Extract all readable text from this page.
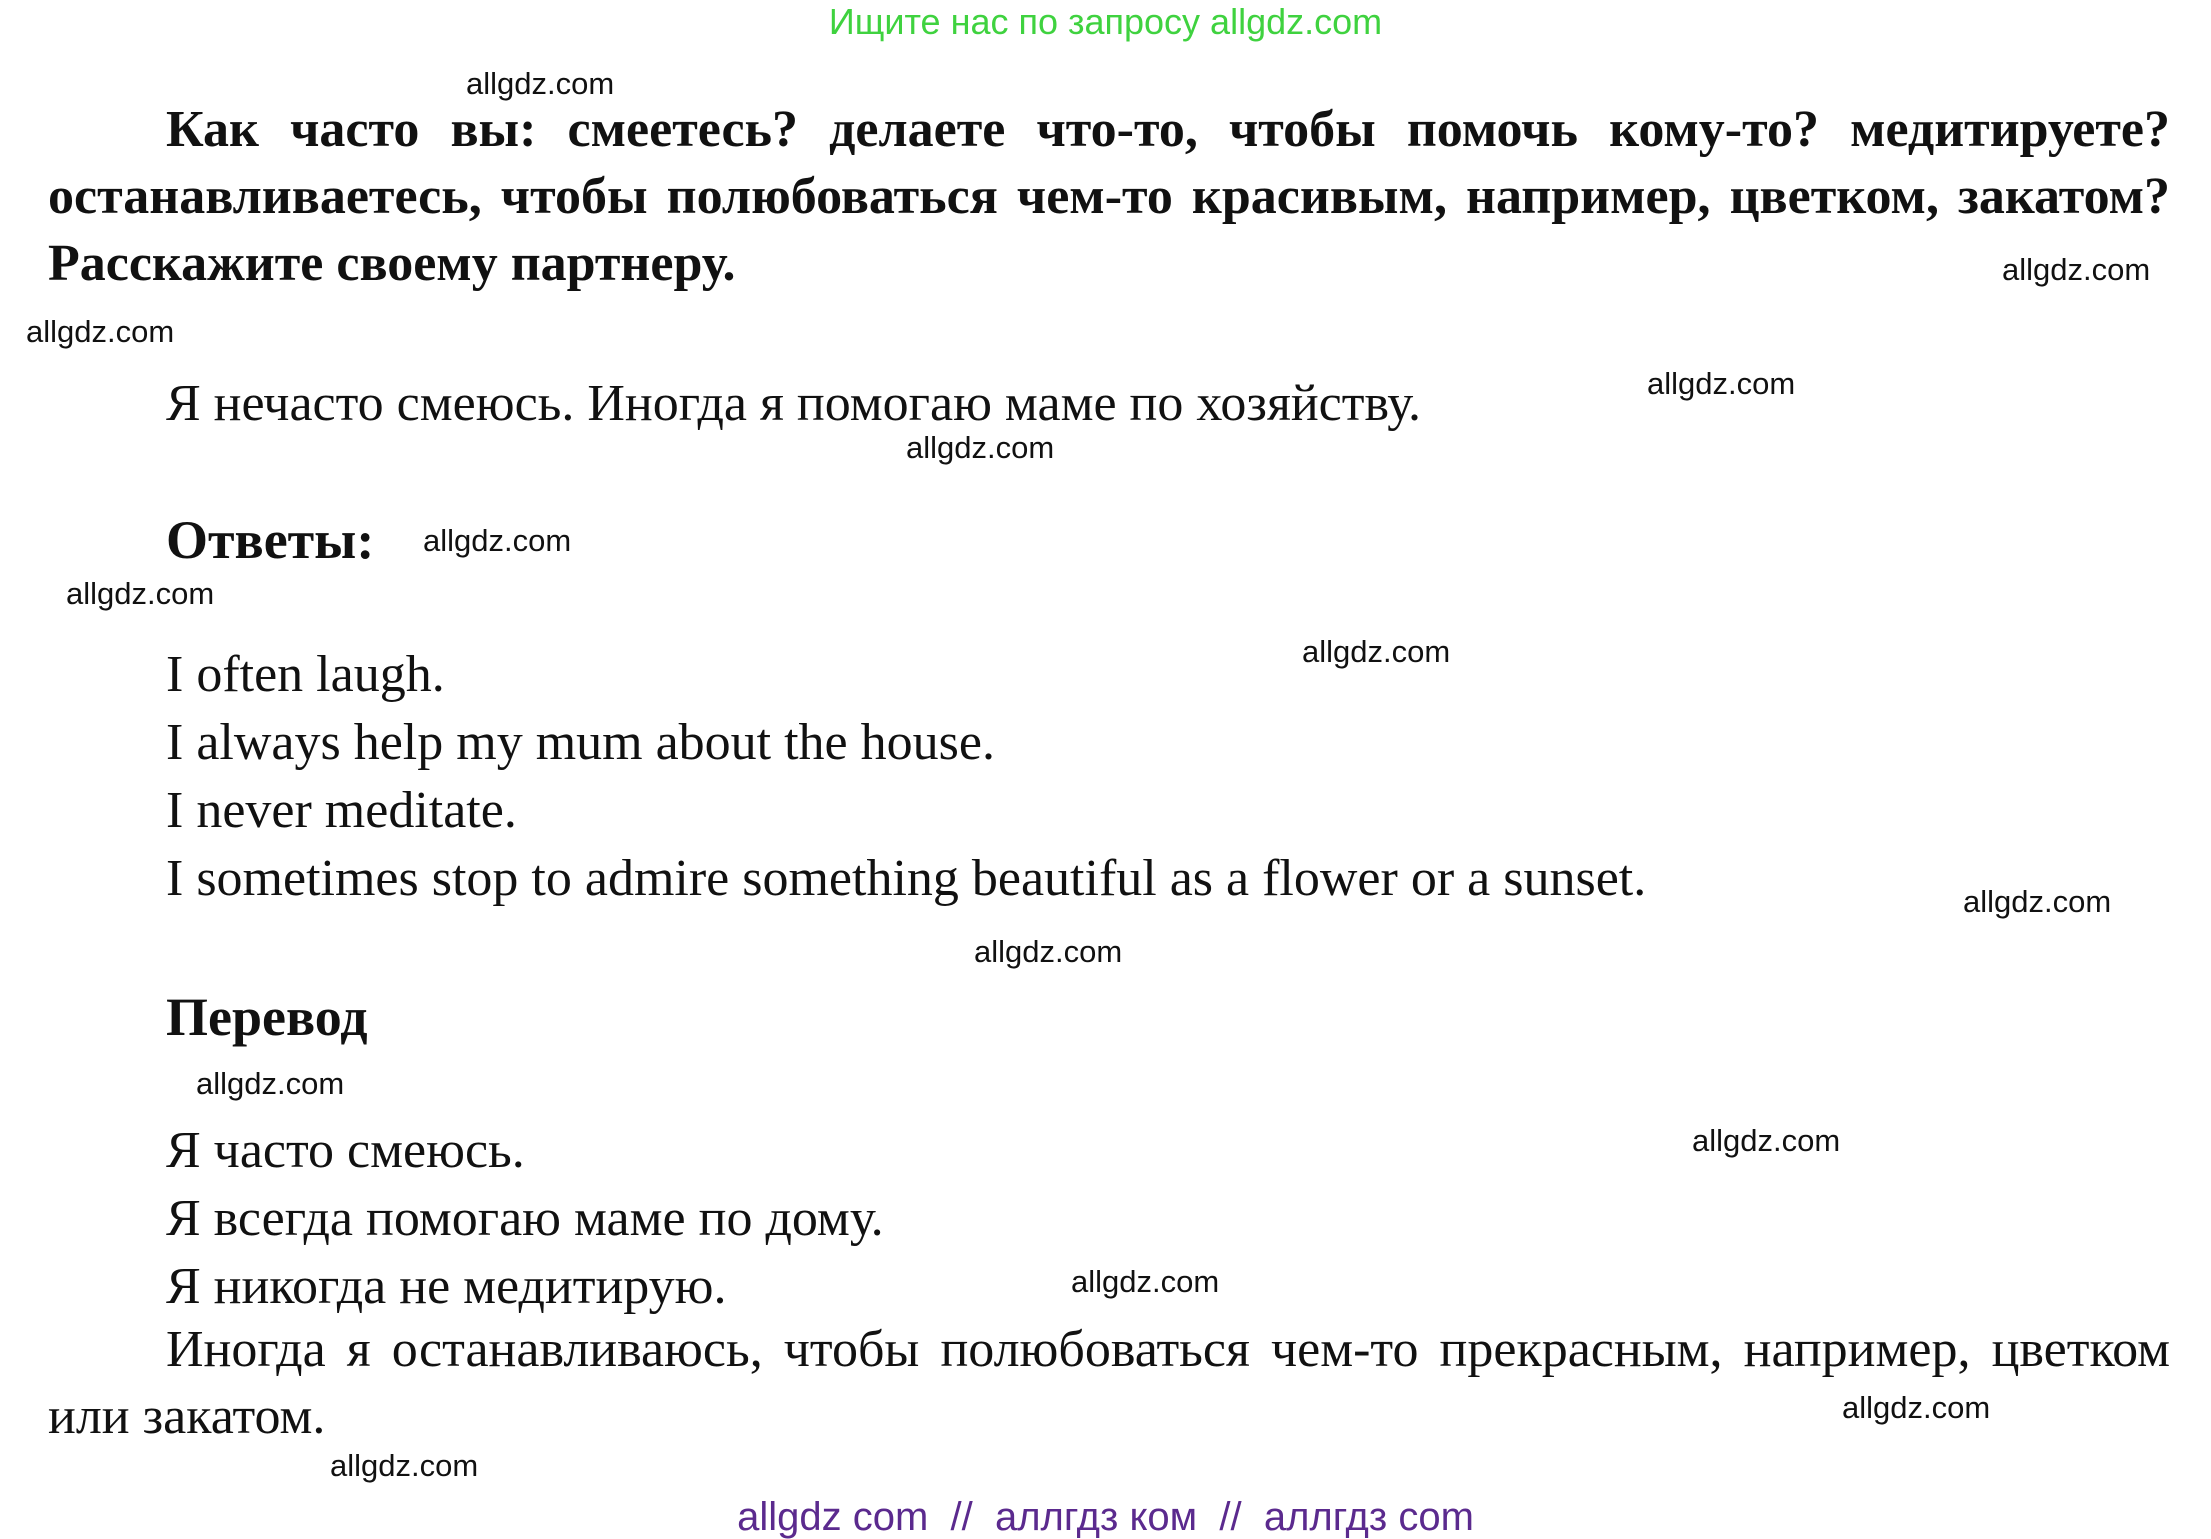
Ищите нас по запросу allgdz.com
Как часто вы: смеетесь? делаете что-то, чтобы помочь кому-то? медитируете? останавливаетесь, чтобы полюбоваться чем-то красивым, например, цветком, закатом? Расскажите своему партнеру.
Я нечасто смеюсь. Иногда я помогаю маме по хозяйству.
Ответы:
I often laugh.
I always help my mum about the house.
I never meditate.
I sometimes stop to admire something beautiful as a flower or a sunset.
Перевод
Я часто смеюсь.
Я всегда помогаю маме по дому.
Я никогда не медитирую.
Иногда я останавливаюсь, чтобы полюбоваться чем-то прекрасным, например, цветком или закатом.
allgdz.com
allgdz.com
allgdz.com
allgdz.com
allgdz.com
allgdz.com
allgdz.com
allgdz.com
allgdz.com
allgdz.com
allgdz.com
allgdz.com
allgdz.com
allgdz.com
allgdz.com
allgdz com  //  аллгдз ком  //  аллгдз com
